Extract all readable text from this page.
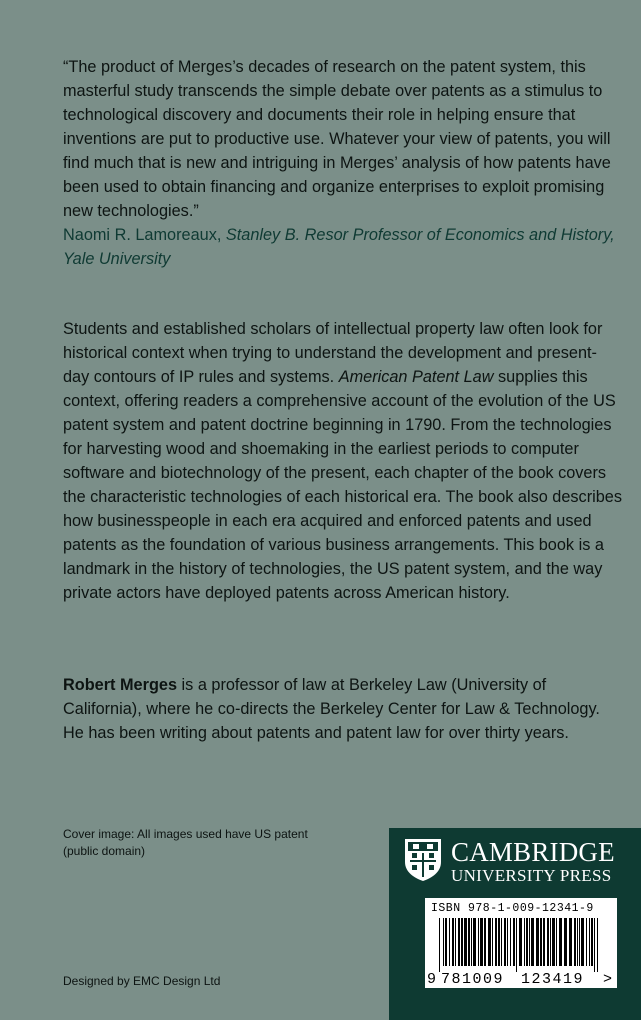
“The product of Merges’s decades of research on the patent system, this masterful study transcends the simple debate over patents as a stimulus to technological discovery and documents their role in helping ensure that inventions are put to productive use. Whatever your view of patents, you will find much that is new and intriguing in Merges’ analysis of how patents have been used to obtain financing and organize enterprises to exploit promising new technologies.”
Naomi R. Lamoreaux, Stanley B. Resor Professor of Economics and History, Yale University
Students and established scholars of intellectual property law often look for historical context when trying to understand the development and present-day contours of IP rules and systems. American Patent Law supplies this context, offering readers a comprehensive account of the evolution of the US patent system and patent doctrine beginning in 1790. From the technologies for harvesting wood and shoemaking in the earliest periods to computer software and biotechnology of the present, each chapter of the book covers the characteristic technologies of each historical era. The book also describes how businesspeople in each era acquired and enforced patents and used patents as the foundation of various business arrangements. This book is a landmark in the history of technologies, the US patent system, and the way private actors have deployed patents across American history.
Robert Merges is a professor of law at Berkeley Law (University of California), where he co-directs the Berkeley Center for Law & Technology. He has been writing about patents and patent law for over thirty years.
Cover image: All images used have US patent (public domain)
Designed by EMC Design Ltd
CAMBRIDGE
UNIVERSITY PRESS
ISBN 978-1-009-12341-9
9 781009 123419 >
